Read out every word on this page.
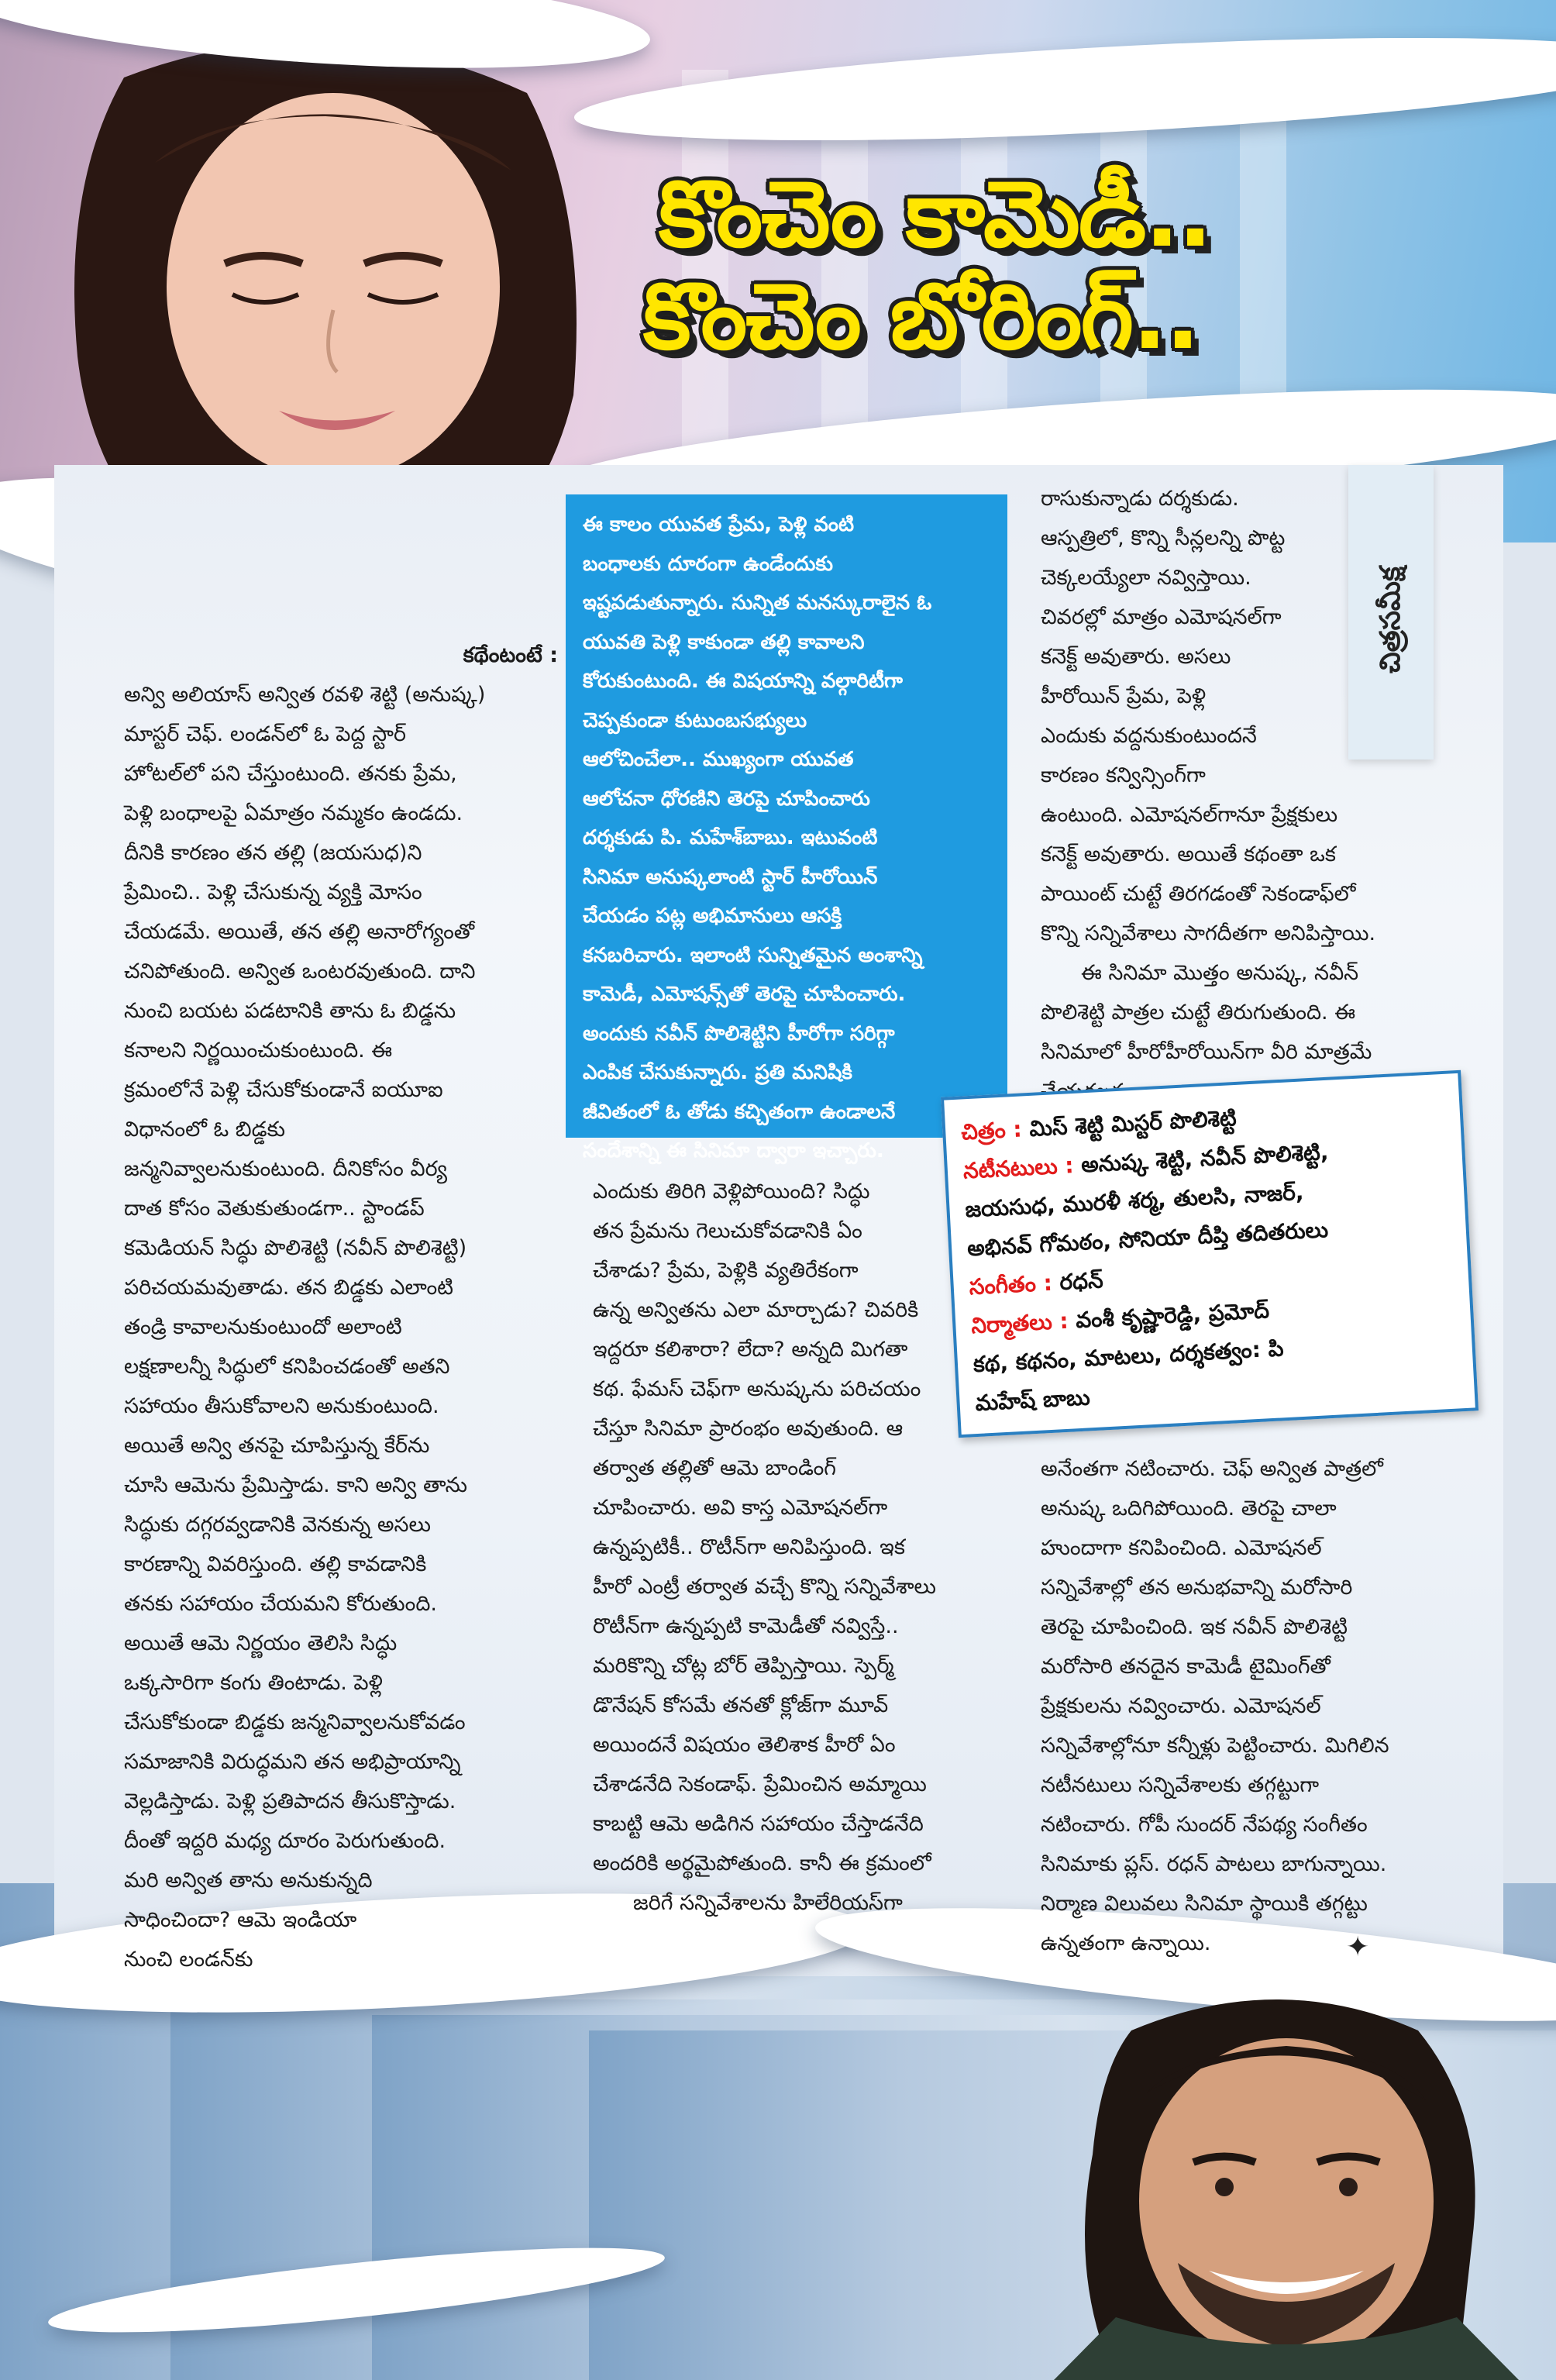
కొంచెం కామెడీ..
కొంచెం బోరింగ్..
చిత్రసమీక్ష

కథేంటంటే :

అన్వి అలియాస్ అన్విత రవళి శెట్టి (అనుష్క)

మాస్టర్ చెఫ్. లండన్‌లో ఓ పెద్ద స్టార్

హోటల్‌లో పని చేస్తుంటుంది. తనకు ప్రేమ,

పెళ్లి బంధాలపై ఏమాత్రం నమ్మకం ఉండదు.

దీనికి కారణం తన తల్లి (జయసుధ)ని

ప్రేమించి.. పెళ్లి చేసుకున్న వ్యక్తి మోసం

చేయడమే. అయితే, తన తల్లి అనారోగ్యంతో

చనిపోతుంది. అన్విత ఒంటరవుతుంది. దాని

నుంచి బయట పడటానికి తాను ఓ బిడ్డను

కనాలని నిర్ణయించుకుంటుంది. ఈ

క్రమంలోనే పెళ్లి చేసుకోకుండానే ఐయూఐ

విధానంలో ఓ బిడ్డకు

జన్మనివ్వాలనుకుంటుంది. దీనికోసం వీర్య

దాత కోసం వెతుకుతుండగా.. స్టాండప్

కమెడియన్ సిద్ధు పొలిశెట్టి (నవీన్ పొలిశెట్టి)

పరిచయమవుతాడు. తన బిడ్డకు ఎలాంటి

తండ్రి కావాలనుకుంటుందో అలాంటి

లక్షణాలన్నీ సిద్ధులో కనిపించడంతో అతని

సహాయం తీసుకోవాలని అనుకుంటుంది.

అయితే అన్వి తనపై చూపిస్తున్న కేర్‌ను

చూసి ఆమెను ప్రేమిస్తాడు. కాని అన్వి తాను

సిద్ధుకు దగ్గరవ్వడానికి వెనకున్న అసలు

కారణాన్ని వివరిస్తుంది. తల్లి కావడానికి

తనకు సహాయం చేయమని కోరుతుంది.

అయితే ఆమె నిర్ణయం తెలిసి సిద్ధు

ఒక్కసారిగా కంగు తింటాడు. పెళ్లి

చేసుకోకుండా బిడ్డకు జన్మనివ్వాలనుకోవడం

సమాజానికి విరుద్ధమని తన అభిప్రాయాన్ని

వెల్లడిస్తాడు. పెళ్లి ప్రతిపాదన తీసుకొస్తాడు.

దీంతో ఇద్దరి మధ్య దూరం పెరుగుతుంది.

మరి అన్విత తాను అనుకున్నది

సాధించిందా? ఆమె ఇండియా

నుంచి లండన్‌కు

ఈ కాలం యువత ప్రేమ, పెళ్లి వంటి

బంధాలకు దూరంగా ఉండేందుకు

ఇష్టపడుతున్నారు. సున్నిత మనస్కురాలైన ఓ

యువతి పెళ్లి కాకుండా తల్లి కావాలని

కోరుకుంటుంది. ఈ విషయాన్ని వల్గారిటీగా

చెప్పకుండా కుటుంబసభ్యులు

ఆలోచించేలా.. ముఖ్యంగా యువత

ఆలోచనా ధోరణిని తెరపై చూపించారు

దర్శకుడు పి. మహేశ్‌బాబు. ఇటువంటి

సినిమా అనుష్కలాంటి స్టార్ హీరోయిన్

చేయడం పట్ల అభిమానులు ఆసక్తి

కనబరిచారు. ఇలాంటి సున్నితమైన అంశాన్ని

కామెడీ, ఎమోషన్స్‌తో తెరపై చూపించారు.

అందుకు నవీన్ పొలిశెట్టిని హీరోగా సరిగ్గా

ఎంపిక చేసుకున్నారు. ప్రతి మనిషికి

జీవితంలో ఓ తోడు కచ్చితంగా ఉండాలనే

సందేశాన్ని ఈ సినిమా ద్వారా ఇచ్చారు.

ఎందుకు తిరిగి వెళ్లిపోయింది? సిద్ధు

తన ప్రేమను గెలుచుకోవడానికి ఏం

చేశాడు? ప్రేమ, పెళ్లికి వ్యతిరేకంగా

ఉన్న అన్వితను ఎలా మార్చాడు? చివరికి

ఇద్దరూ కలిశారా? లేదా? అన్నది మిగతా

కథ. ఫేమస్ చెఫ్‌గా అనుష్కను పరిచయం

చేస్తూ సినిమా ప్రారంభం అవుతుంది. ఆ

తర్వాత తల్లితో ఆమె బాండింగ్

చూపించారు. అవి కాస్త ఎమోషనల్‌గా

ఉన్నప్పటికీ.. రొటీన్‌గా అనిపిస్తుంది. ఇక

హీరో ఎంట్రీ తర్వాత వచ్చే కొన్ని సన్నివేశాలు

రొటీన్‌గా ఉన్నప్పటి కామెడీతో నవ్విస్తే..

మరికొన్ని చోట్ల బోర్ తెప్పిస్తాయి. స్పెర్మ్

డొనేషన్ కోసమే తనతో క్లోజ్‌గా మూవ్

అయిందనే విషయం తెలిశాక హీరో ఏం

చేశాడనేది సెకండాఫ్. ప్రేమించిన అమ్మాయి

కాబట్టి ఆమె అడిగిన సహాయం చేస్తాడనేది

అందరికి అర్థమైపోతుంది. కానీ ఈ క్రమంలో

జరిగే సన్నివేశాలను హిలేరియస్‌గా

రాసుకున్నాడు దర్శకుడు.

ఆస్పత్రిలో, కొన్ని సీన్లలన్ని పొట్ట

చెక్కలయ్యేలా నవ్విస్తాయి.

చివరల్లో మాత్రం ఎమోషనల్‌గా

కనెక్ట్ అవుతారు. అసలు

హీరోయిన్ ప్రేమ, పెళ్లి

ఎందుకు వద్దనుకుంటుందనే

కారణం కన్విన్సింగ్‌గా

ఉంటుంది. ఎమోషనల్‌గానూ ప్రేక్షకులు

కనెక్ట్ అవుతారు. అయితే కథంతా ఒక

పాయింట్ చుట్టే తిరగడంతో సెకండాఫ్‌లో

కొన్ని సన్నివేశాలు సాగదీతగా అనిపిస్తాయి.

ఈ సినిమా మొత్తం అనుష్క, నవీన్

పొలిశెట్టి పాత్రల చుట్టే తిరుగుతుంది. ఈ

సినిమాలో హీరోహీరోయిన్‌గా వీరి మాత్రమే

చిత్రం : మిస్ శెట్టి మిస్టర్ పొలిశెట్టి

నటీనటులు : అనుష్క శెట్టి, నవీన్ పొలిశెట్టి,

జయసుధ, మురళీ శర్మ, తులసి, నాజర్,

అభినవ్ గోమఠం, సోనియా దీప్తి తదితరులు

సంగీతం : రధన్

నిర్మాతలు : వంశీ కృష్ణారెడ్డి, ప్రమోద్

కథ, కథనం, మాటలు, దర్శకత్వం: పి

మహేష్ బాబు

అనేంతగా నటించారు. చెఫ్ అన్విత పాత్రలో

అనుష్క ఒదిగిపోయింది. తెరపై చాలా

హుందాగా కనిపించింది. ఎమోషనల్

సన్నివేశాల్లో తన అనుభవాన్ని మరోసారి

తెరపై చూపించింది. ఇక నవీన్ పొలిశెట్టి

మరోసారి తనదైన కామెడీ టైమింగ్‌తో

ప్రేక్షకులను నవ్వించారు. ఎమోషనల్

సన్నివేశాల్లోనూ కన్నీళ్లు పెట్టించారు. మిగిలిన

నటీనటులు సన్నివేశాలకు తగ్గట్టుగా

నటించారు. గోపీ సుందర్ నేపథ్య సంగీతం

సినిమాకు ప్లస్. రధన్ పాటలు బాగున్నాయి.

నిర్మాణ విలువలు సినిమా స్థాయికి తగ్గట్టు

ఉన్నతంగా ఉన్నాయి.	✦
